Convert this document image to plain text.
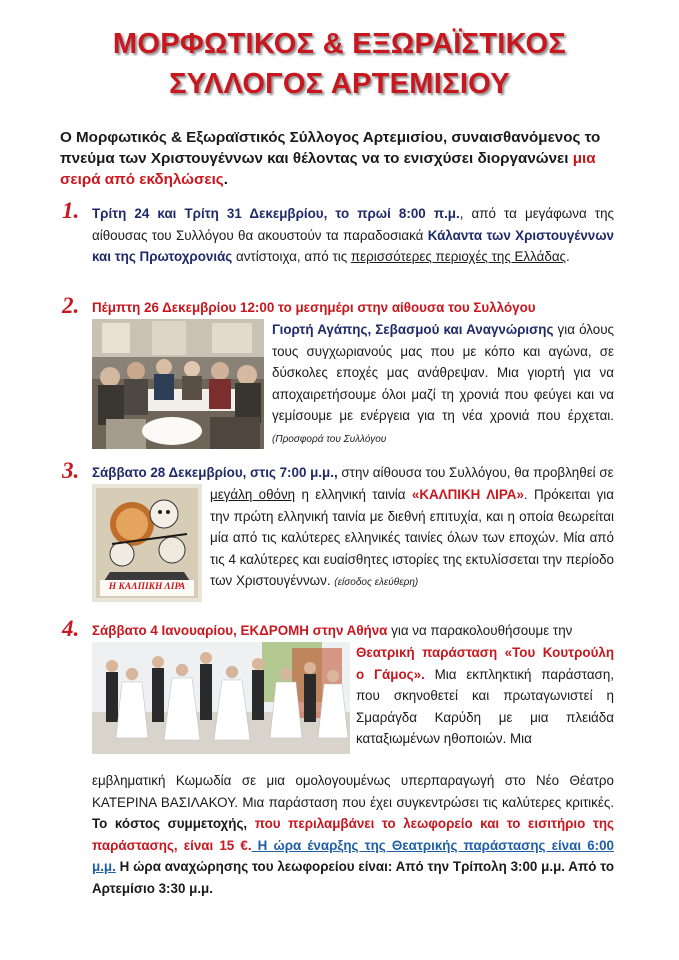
ΜΟΡΦΩΤΙΚΟΣ & ΕΞΩΡΑΪΣΤΙΚΟΣ
ΣΥΛΛΟΓΟΣ ΑΡΤΕΜΙΣΙΟΥ
Ο Μορφωτικός & Εξωραϊστικός Σύλλογος Αρτεμισίου, συναισθανόμενος το πνεύμα των Χριστουγέννων και θέλοντας να το ενισχύσει διοργανώνει μια σειρά από εκδηλώσεις.
1. Τρίτη 24 και Τρίτη 31 Δεκεμβρίου, το πρωί 8:00 π.μ., από τα μεγάφωνα της αίθουσας του Συλλόγου θα ακουστούν τα παραδοσιακά Κάλαντα των Χριστουγέννων και της Πρωτοχρονιάς αντίστοιχα, από τις περισσότερες περιοχές της Ελλάδας.
2. Πέμπτη 26 Δεκεμβρίου 12:00 το μεσημέρι στην αίθουσα του Συλλόγου
Γιορτή Αγάπης, Σεβασμού και Αναγνώρισης για όλους τους συγχωριανούς μας που με κόπο και αγώνα, σε δύσκολες εποχές μας ανάθρεψαν. Μια γιορτή για να αποχαιρετήσουμε όλοι μαζί τη χρονιά που φεύγει και να γεμίσουμε με ενέργεια για τη νέα χρονιά που έρχεται. (Προσφορά του Συλλόγου
3. Σάββατο 28 Δεκεμβρίου, στις 7:00 μ.μ., στην αίθουσα του Συλλόγου, θα προβληθεί σε
Η ΚΑΛΠΙΚΗ ΛΙΡΑ
μεγάλη οθόνη η ελληνική ταινία «ΚΑΛΠΙΚΗ ΛΙΡΑ». Πρόκειται για την πρώτη ελληνική ταινία με διεθνή επιτυχία, και η οποία θεωρείται μία από τις καλύτερες ελληνικές ταινίες όλων των εποχών. Μία από τις 4 καλύτερες και ευαίσθητες ιστορίες της εκτυλίσσεται την περίοδο των Χριστουγέννων. (είσοδος ελεύθερη)
4. Σάββατο 4 Ιανουαρίου, ΕΚΔΡΟΜΗ στην Αθήνα για να παρακολουθήσουμε την
Θεατρική παράσταση «Του Κουτρούλη ο Γάμος». Μια εκπληκτική παράσταση, που σκηνοθετεί και πρωταγωνιστεί η Σμαράγδα Καρύδη με μια πλειάδα καταξιωμένων ηθοποιών. Μια
εμβληματική Κωμωδία σε μια ομολογουμένως υπερπαραγωγή στο Νέο Θέατρο ΚΑΤΕΡΙΝΑ ΒΑΣΙΛΑΚΟΥ. Μια παράσταση που έχει συγκεντρώσει τις καλύτερες κριτικές. Το κόστος συμμετοχής, που περιλαμβάνει το λεωφορείο και το εισιτήριο της παράστασης, είναι 15 €. Η ώρα έναρξης της Θεατρικής παράστασης είναι 6:00 μ.μ. Η ώρα αναχώρησης του λεωφορείου είναι: Από την Τρίπολη 3:00 μ.μ. Από το Αρτεμίσιο 3:30 μ.μ.
